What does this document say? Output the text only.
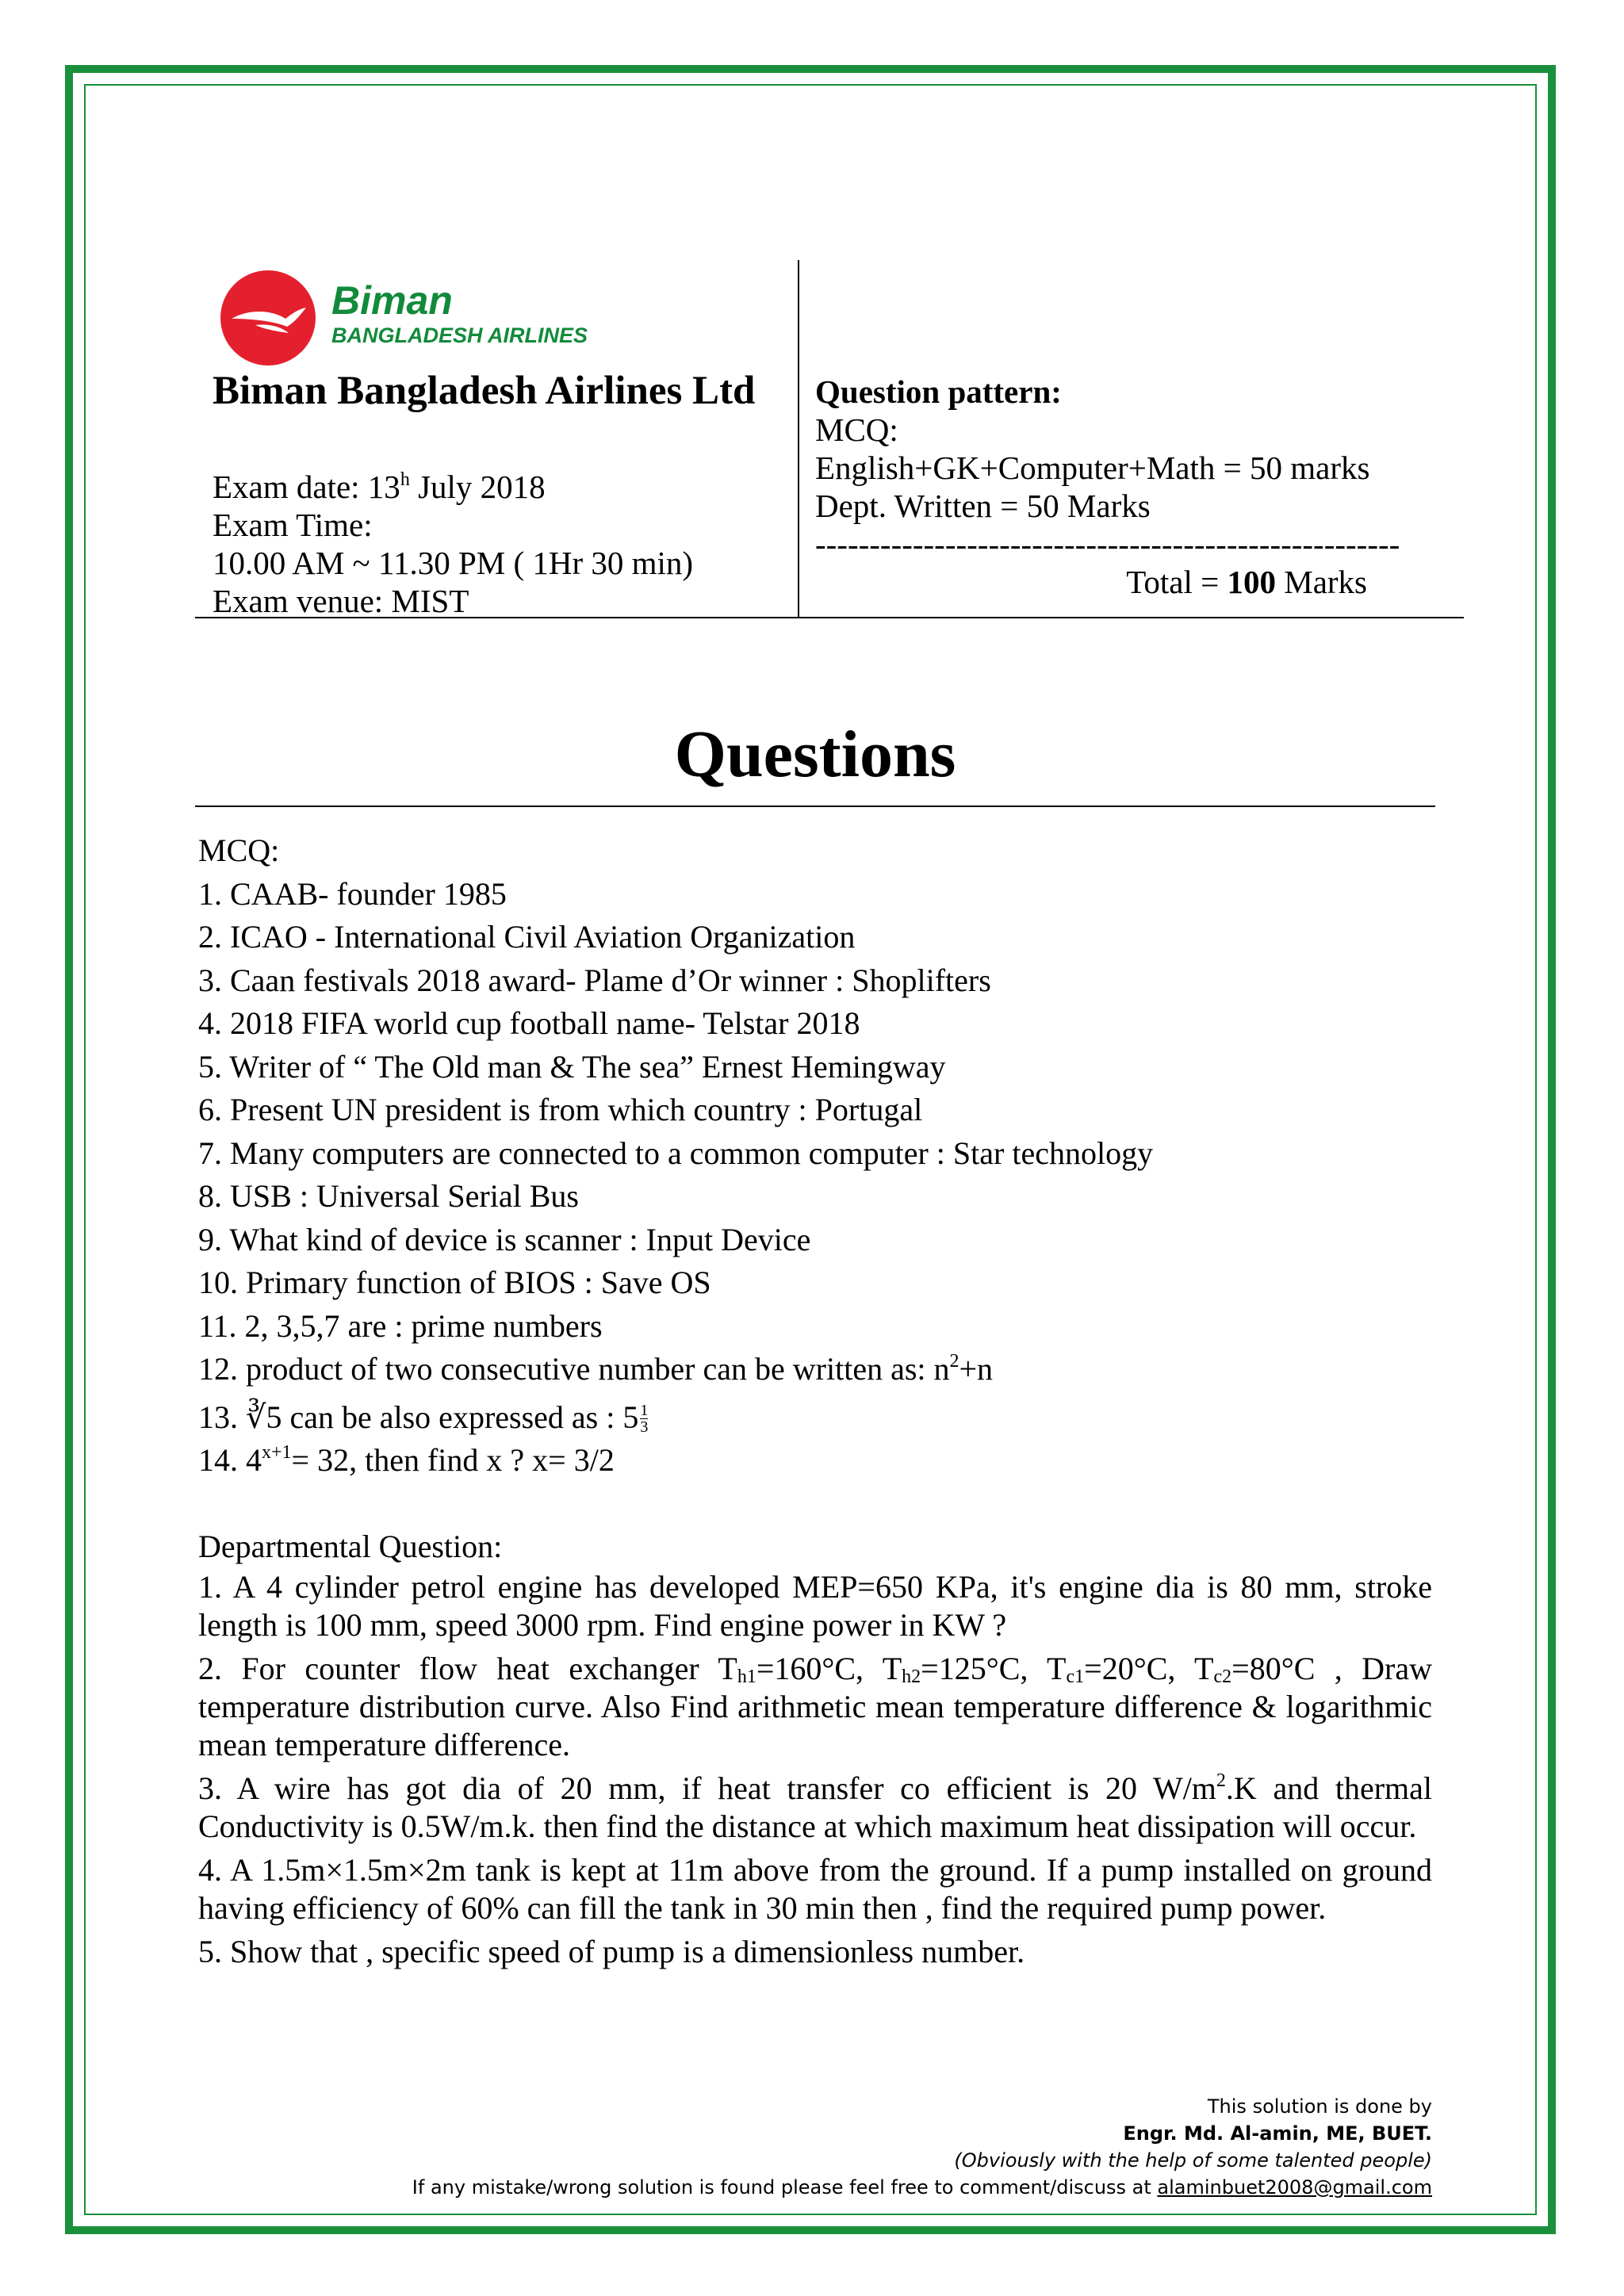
Biman
BANGLADESH AIRLINES
Biman Bangladesh Airlines Ltd
Exam date: 13$^h$ July 2018
Exam Time:
10.00 AM ~ 11.30 PM ( 1Hr 30 min)
Exam venue: MIST
Question pattern:
MCQ:
English+GK+Computer+Math = 50 marks
Dept. Written = 50 Marks
------------------------------------------------------
Total = 100 Marks
Questions
MCQ:
1. CAAB- founder 1985
2. ICAO - International Civil Aviation Organization
3. Caan festivals 2018 award- Plame d’Or winner : Shoplifters
4. 2018 FIFA world cup football name- Telstar 2018
5. Writer of “ The Old man & The sea” Ernest Hemingway
6. Present UN president is from which country : Portugal
7. Many computers are connected to a common computer : Star technology
8. USB : Universal Serial Bus
9. What kind of device is scanner : Input Device
10. Primary function of BIOS : Save OS
11. 2, 3,5,7 are : prime numbers
12. product of two consecutive number can be written as: $n^2+n$
13. ∛5 can be also expressed as : $5 \frac{1}{3}$
14. $4^{x+1}= 32$, then find x ? x= 3/2
Departmental Question:

1. A 4 cylinder petrol engine has developed MEP=650 KPa, it's engine dia is 80 mm, stroke length is 100 mm, speed 3000 rpm. Find engine power in KW ?

2. For counter flow heat exchanger $T_{h1}=160^\circ C$, $T_{h2}=125^\circ C$, $T_{c1}=20^\circ C$, $T_{c2}=80^\circ C$ , Draw temperature distribution curve. Also Find arithmetic mean temperature difference & logarithmic mean temperature difference.

3. A wire has got dia of 20 mm, if heat transfer co efficient is 20 $W/m^2.K$ and thermal Conductivity is 0.5W/m.k. then find the distance at which maximum heat dissipation will occur.

4. A 1.5m×1.5m×2m tank is kept at 11m above from the ground. If a pump installed on ground having efficiency of 60% can fill the tank in 30 min then , find the required pump power.

5. Show that , specific speed of pump is a dimensionless number.

This solution is done by
Engr. Md. Al-amin, ME, BUET.
(Obviously with the help of some talented people)
If any mistake/wrong solution is found please feel free to comment/discuss at alaminbuet2008@gmail.com
